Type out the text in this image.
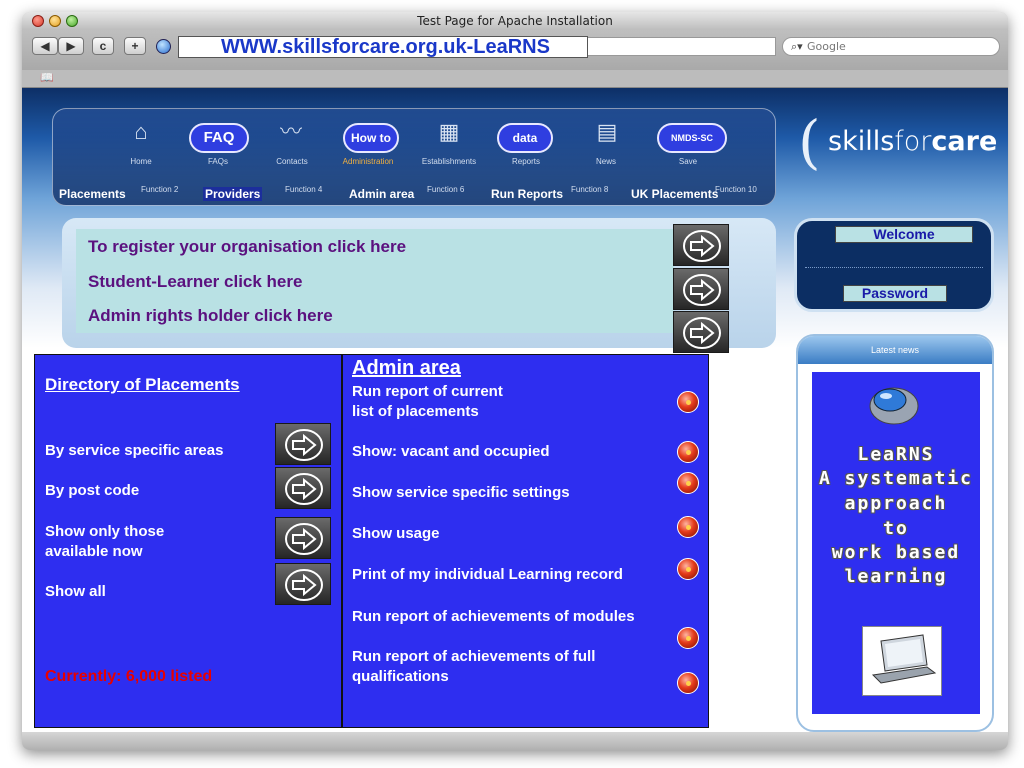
Test Page for Apache Installation
◀	▶	c	+	WWW.skillsforcare.org.uk-LeaRNS	⌕▾ Google
📖
⌂	〰	▦	▤
Home	FAQs	Contacts	Administration	Establishments	Reports	News	Save
FAQ	How to	data	NMDS-SC
Function 2	Function 4	Function 6	Function 8	Function 10
Placements	Providers	Admin area	Run Reports	UK Placements
( skillsforcare
To register your organisation click here
Student-Learner click here
Admin rights holder click here
Welcome
Password
Directory of Placements
By service specific areas
By post code
Show only those
available now
Show all
Currently: 6,000 listed
Admin area
Run report of current
list of placements
Show: vacant and occupied
Show service specific settings
Show usage
Print of my individual Learning record
Run report of achievements of modules
Run report of achievements of full
qualifications
Latest news
LeaRNS
A systematic
approach
to
work based
learning
